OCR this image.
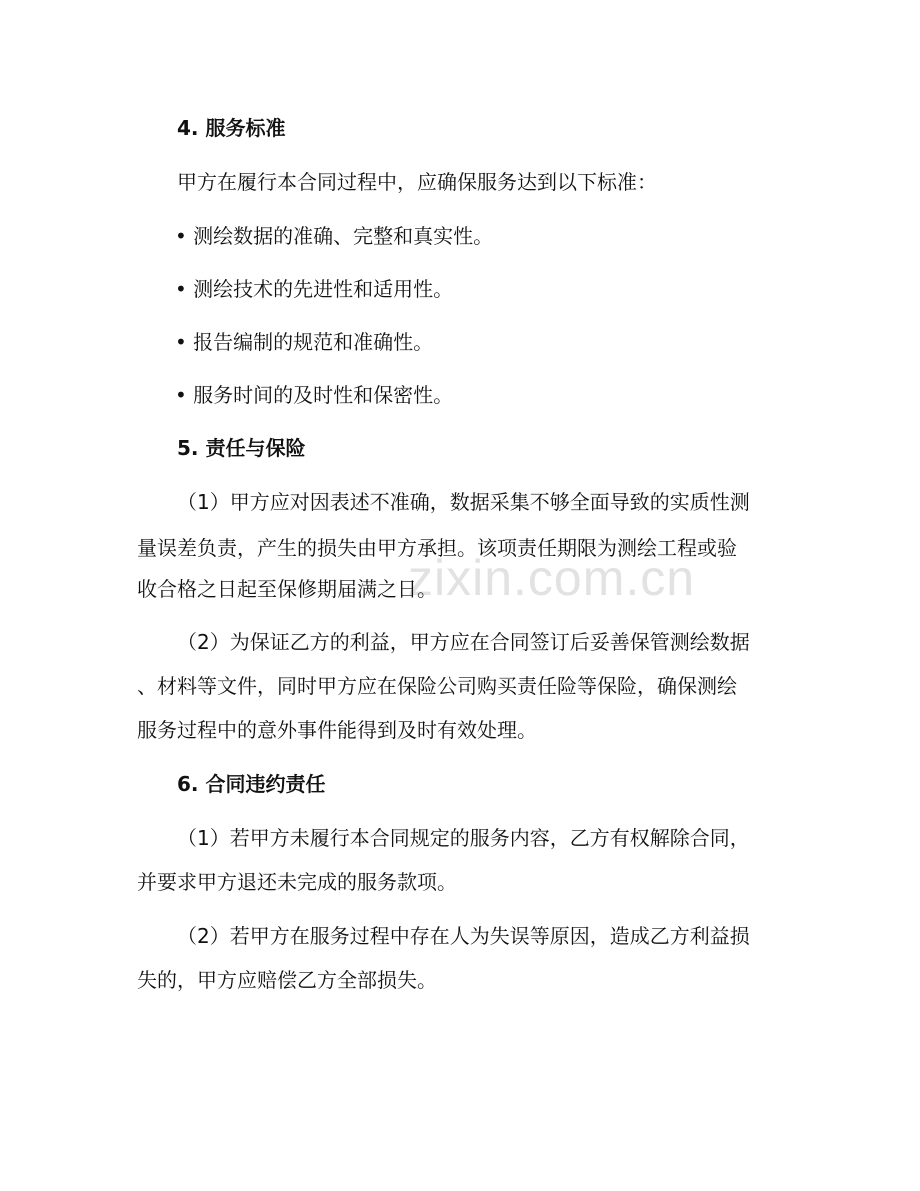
zixin.com.cn
4. 服务标准
甲方在履行本合同过程中，应确保服务达到以下标准：
• 测绘数据的准确、完整和真实性。
• 测绘技术的先进性和适用性。
• 报告编制的规范和准确性。
• 服务时间的及时性和保密性。
5. 责任与保险
（1）甲方应对因表述不准确，数据采集不够全面导致的实质性测
量误差负责，产生的损失由甲方承担。该项责任期限为测绘工程或验
收合格之日起至保修期届满之日。
（2）为保证乙方的利益，甲方应在合同签订后妥善保管测绘数据
、材料等文件，同时甲方应在保险公司购买责任险等保险，确保测绘
服务过程中的意外事件能得到及时有效处理。
6. 合同违约责任
（1）若甲方未履行本合同规定的服务内容，乙方有权解除合同，
并要求甲方退还未完成的服务款项。
（2）若甲方在服务过程中存在人为失误等原因，造成乙方利益损
失的，甲方应赔偿乙方全部损失。
